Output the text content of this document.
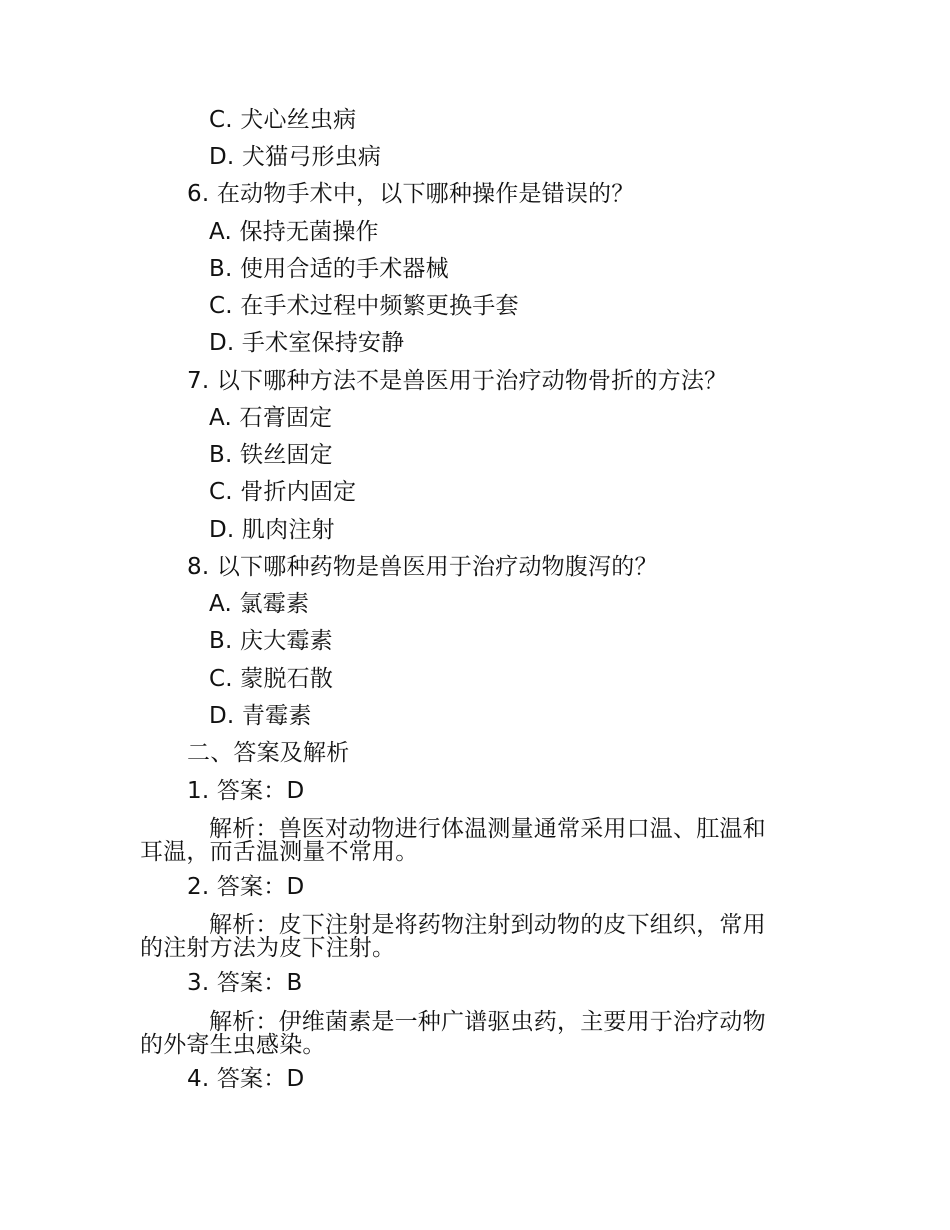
C. 犬心丝虫病
D. 犬猫弓形虫病
6. 在动物手术中，以下哪种操作是错误的？
A. 保持无菌操作
B. 使用合适的手术器械
C. 在手术过程中频繁更换手套
D. 手术室保持安静
7. 以下哪种方法不是兽医用于治疗动物骨折的方法？
A. 石膏固定
B. 铁丝固定
C. 骨折内固定
D. 肌肉注射
8. 以下哪种药物是兽医用于治疗动物腹泻的？
A. 氯霉素
B. 庆大霉素
C. 蒙脱石散
D. 青霉素
二、答案及解析
1. 答案：D
解析：兽医对动物进行体温测量通常采用口温、肛温和
耳温，而舌温测量不常用。
2. 答案：D
解析：皮下注射是将药物注射到动物的皮下组织，常用
的注射方法为皮下注射。
3. 答案：B
解析：伊维菌素是一种广谱驱虫药，主要用于治疗动物
的外寄生虫感染。
4. 答案：D
